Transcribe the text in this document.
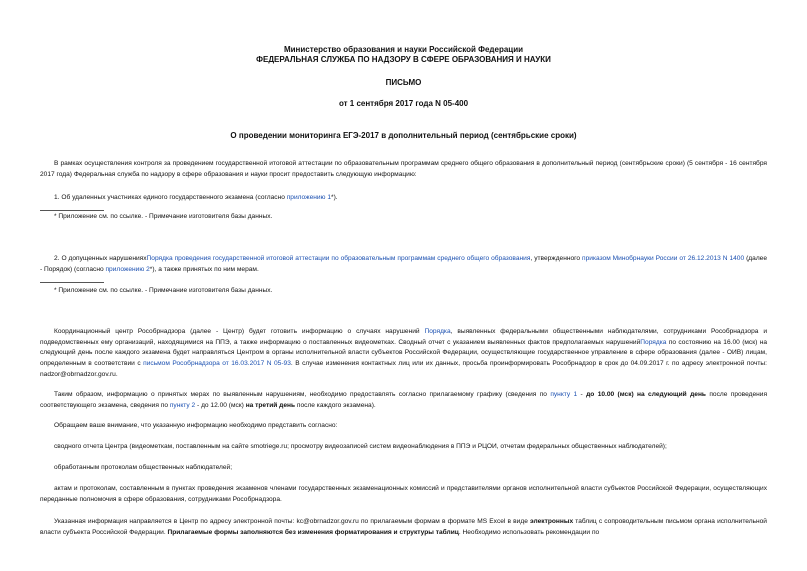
Министерство образования и науки Российской Федерации
ФЕДЕРАЛЬНАЯ СЛУЖБА ПО НАДЗОРУ В СФЕРЕ ОБРАЗОВАНИЯ И НАУКИ
ПИСЬМО
от 1 сентября 2017 года N 05-400
О проведении мониторинга ЕГЭ-2017 в дополнительный период (сентябрьские сроки)
В рамках осуществления контроля за проведением государственной итоговой аттестации по образовательным программам среднего общего образования в дополнительный период (сентябрьские сроки) (5 сентября - 16 сентября 2017 года) Федеральная служба по надзору в сфере образования и науки просит предоставить следующую информацию:
1. Об удаленных участниках единого государственного экзамена (согласно приложению 1*).
* Приложение см. по ссылке. - Примечание изготовителя базы данных.
2. О допущенных нарушенияхПорядка проведения государственной итоговой аттестации по образовательным программам среднего общего образования, утвержденного приказом Минобрнауки России от 26.12.2013 N 1400 (далее - Порядок) (согласно приложению 2*), а также принятых по ним мерам.
* Приложение см. по ссылке. - Примечание изготовителя базы данных.
Координационный центр Рособрнадзора (далее - Центр) будет готовить информацию о случаях нарушений Порядка, выявленных федеральными общественными наблюдателями, сотрудниками Рособрнадзора и подведомственных ему организаций, находящимися на ППЭ, а также информацию о поставленных видеометках. Сводный отчет с указанием выявленных фактов предполагаемых нарушенийПорядка по состоянию на 16.00 (мск) на следующий день после каждого экзамена будет направляться Центром в органы исполнительной власти субъектов Российской Федерации, осуществляющие государственное управление в сфере образования (далее - ОИВ) лицам, определенным в соответствии с письмом Рособрнадзора от 16.03.2017 N 05-93. В случае изменения контактных лиц или их данных, просьба проинформировать Рособрнадзор в срок до 04.09.2017 г. по адресу электронной почты: nadzor@obrnadzor.gov.ru.
Таким образом, информацию о принятых мерах по выявленным нарушениям, необходимо предоставлять согласно прилагаемому графику (сведения по пункту 1 - до 10.00 (мск) на следующий день после проведения соответствующего экзамена, сведения по пункту 2 - до 12.00 (мск) на третий день после каждого экзамена).
Обращаем ваше внимание, что указанную информацию необходимо представить согласно:
сводного отчета Центра (видеометкам, поставленным на сайте smotriege.ru; просмотру видеозаписей систем видеонаблюдения в ППЭ и РЦОИ, отчетам федеральных общественных наблюдателей);
обработанным протоколам общественных наблюдателей;
актам и протоколам, составленным в пунктах проведения экзаменов членами государственных экзаменационных комиссий и представителями органов исполнительной власти субъектов Российской Федерации, осуществляющих переданные полномочия в сфере образования, сотрудниками Рособрнадзора.
Указанная информация направляется в Центр по адресу электронной почты: kc@obrnadzor.gov.ru по прилагаемым формам в формате MS Excel в виде электронных таблиц с сопроводительным письмом органа исполнительной власти субъекта Российской Федерации. Прилагаемые формы заполняются без изменения форматирования и структуры таблиц. Необходимо использовать рекомендации по
